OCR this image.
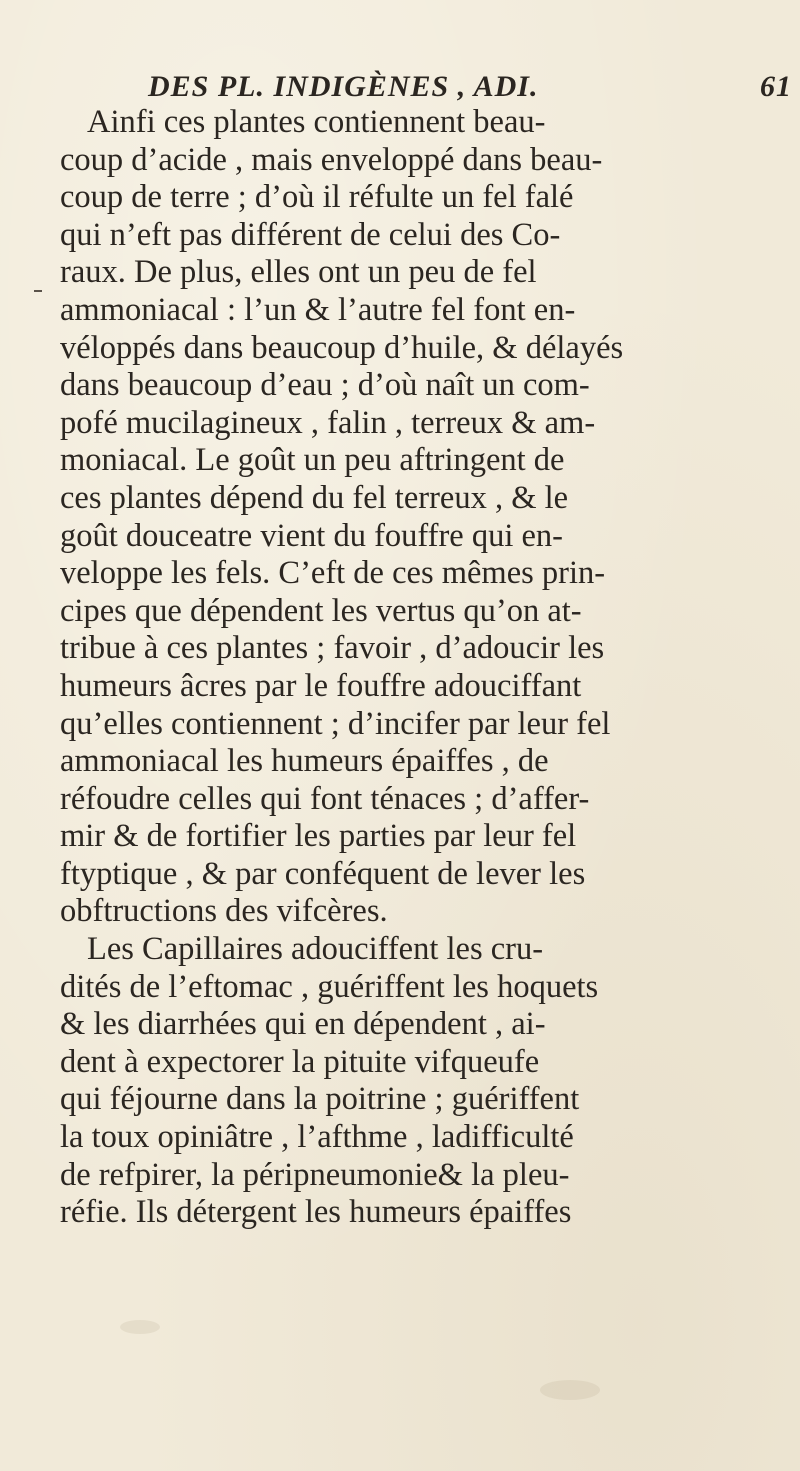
DES PL. INDIGÈNES , ADI.	61
Ainfi ces plantes contiennent beau-
coup d’acide , mais enveloppé dans beau-
coup de terre ; d’où il réfulte un fel falé
qui n’eft pas différent de celui des Co-
raux. De plus, elles ont un peu de fel
ammoniacal : l’un & l’autre fel font en-
véloppés dans beaucoup d’huile, & délayés
dans beaucoup d’eau ; d’où naît un com-
pofé mucilagineux , falin , terreux & am-
moniacal. Le goût un peu aftringent de
ces plantes dépend du fel terreux , & le
goût douceatre vient du fouffre qui en-
veloppe les fels. C’eft de ces mêmes prin-
cipes que dépendent les vertus qu’on at-
tribue à ces plantes ; favoir , d’adoucir les
humeurs âcres par le fouffre adouciffant
qu’elles contiennent ; d’incifer par leur fel
ammoniacal les humeurs épaiffes , de
réfoudre celles qui font ténaces ; d’affer-
mir & de fortifier les parties par leur fel
ftyptique , & par conféquent de lever les
obftructions des vifcères.
Les Capillaires adouciffent les cru-
dités de l’eftomac , guériffent les hoquets
& les diarrhées qui en dépendent , ai-
dent à expectorer la pituite vifqueufe
qui féjourne dans la poitrine ; guériffent
la toux opiniâtre , l’afthme , ladifficulté
de refpirer, la péripneumonie& la pleu-
réfie. Ils détergent les humeurs épaiffes
